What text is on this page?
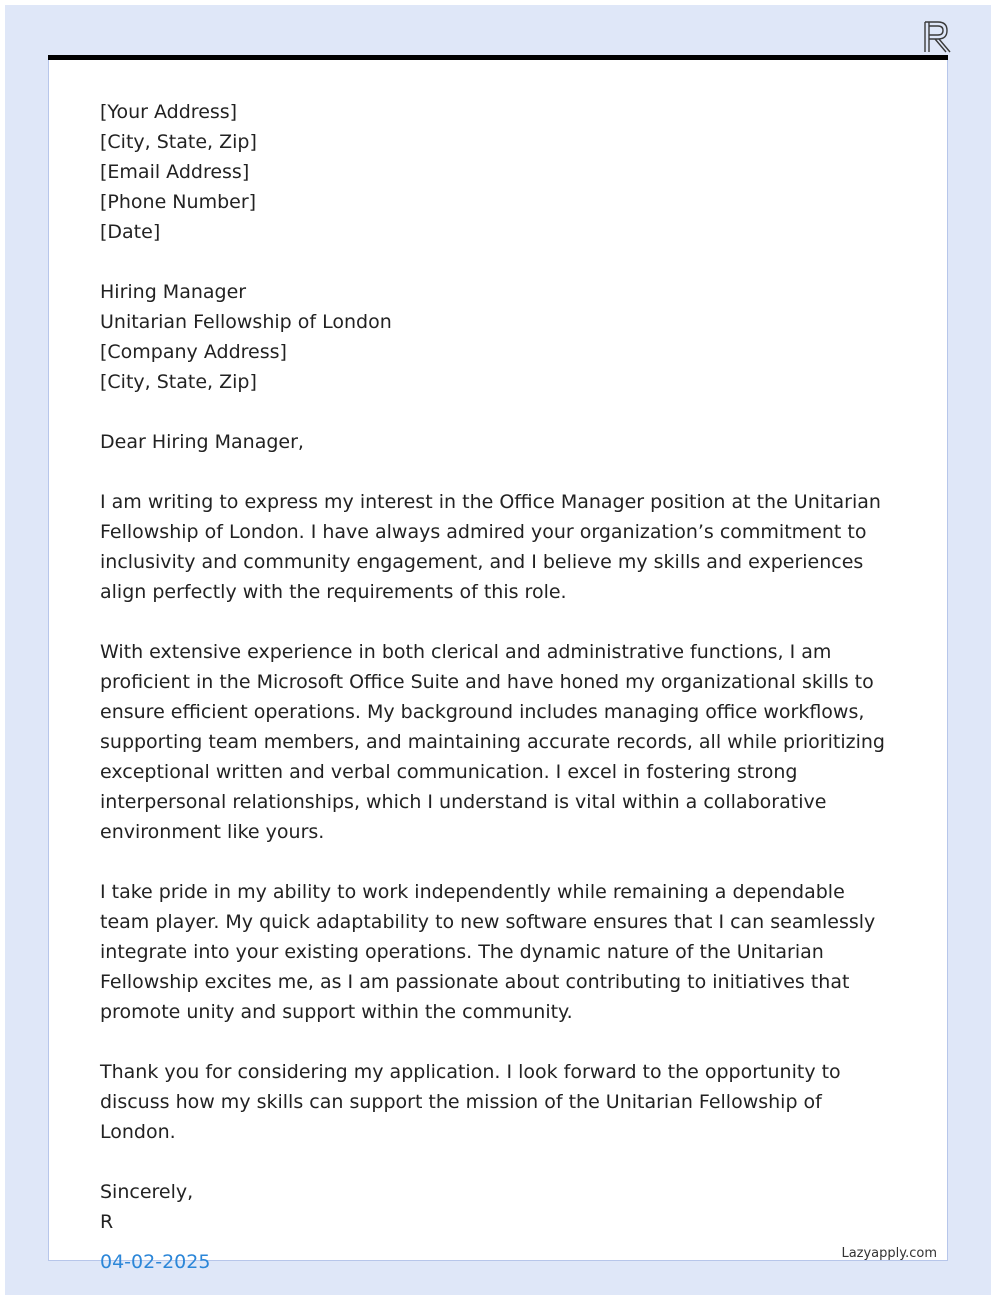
[Your Address]
[City, State, Zip]
[Email Address]
[Phone Number]
[Date]
Hiring Manager
Unitarian Fellowship of London
[Company Address]
[City, State, Zip]
Dear Hiring Manager,
I am writing to express my interest in the Office Manager position at the Unitarian Fellowship of London. I have always admired your organization’s commitment to inclusivity and community engagement, and I believe my skills and experiences align perfectly with the requirements of this role.
With extensive experience in both clerical and administrative functions, I am proficient in the Microsoft Office Suite and have honed my organizational skills to ensure efficient operations. My background includes managing office workflows, supporting team members, and maintaining accurate records, all while prioritizing exceptional written and verbal communication. I excel in fostering strong interpersonal relationships, which I understand is vital within a collaborative environment like yours.
I take pride in my ability to work independently while remaining a dependable team player. My quick adaptability to new software ensures that I can seamlessly integrate into your existing operations. The dynamic nature of the Unitarian Fellowship excites me, as I am passionate about contributing to initiatives that promote unity and support within the community.
Thank you for considering my application. I look forward to the opportunity to discuss how my skills can support the mission of the Unitarian Fellowship of London.
Sincerely,
R
04-02-2025	Lazyapply.com
